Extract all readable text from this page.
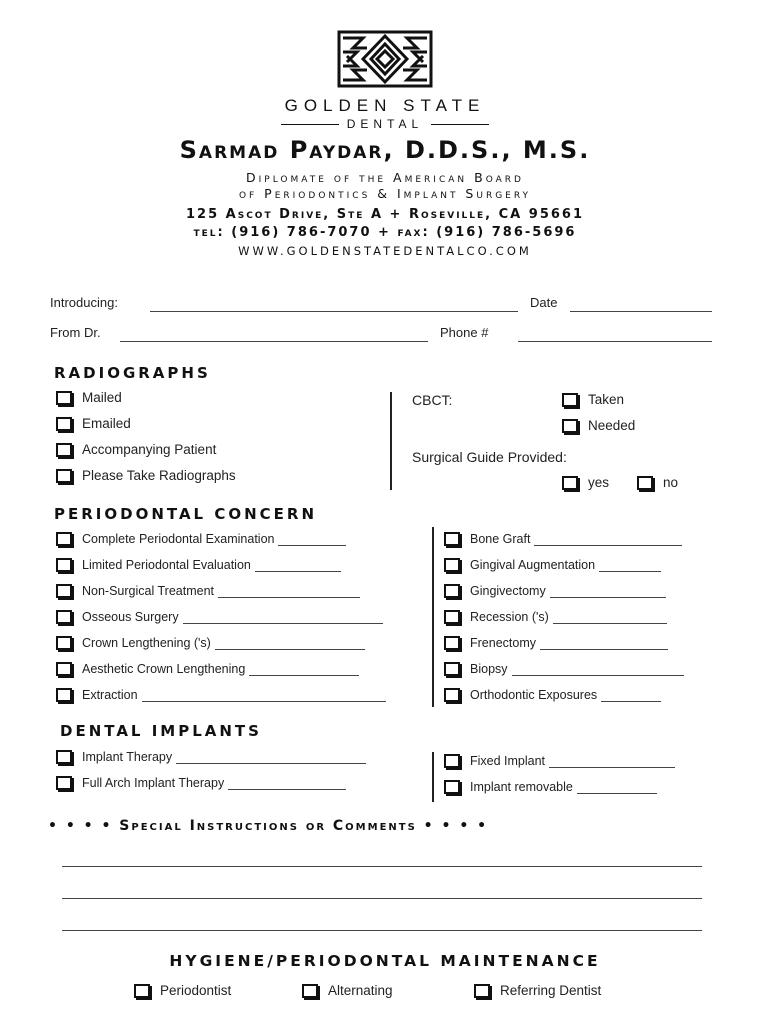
GOLDEN STATE
DENTAL
Sarmad Paydar, D.D.S., M.S.
Diplomate of the American Board
of Periodontics & Implant Surgery
125 Ascot Drive, Ste A + Roseville, CA 95661
tel: (916) 786-7070 + fax: (916) 786-5696
WWW.GOLDENSTATEDENTALCO.COM
Introducing:	Date
From Dr.	Phone #
RADIOGRAPHS
Mailed
Emailed
Accompanying Patient
Please Take Radiographs
CBCT:	Taken
Needed
Surgical Guide Provided:
yes	no
PERIODONTAL CONCERN
Complete Periodontal Examination
Limited Periodontal Evaluation
Non-Surgical Treatment
Osseous Surgery
Crown Lengthening ('s)
Aesthetic Crown Lengthening
Extraction
Bone Graft
Gingival Augmentation
Gingivectomy
Recession ('s)
Frenectomy
Biopsy
Orthodontic Exposures
DENTAL IMPLANTS
Implant Therapy
Full Arch Implant Therapy
Fixed Implant
Implant removable
• • • • Special Instructions or Comments • • • •
HYGIENE/PERIODONTAL MAINTENANCE
Periodontist	Alternating	Referring Dentist
